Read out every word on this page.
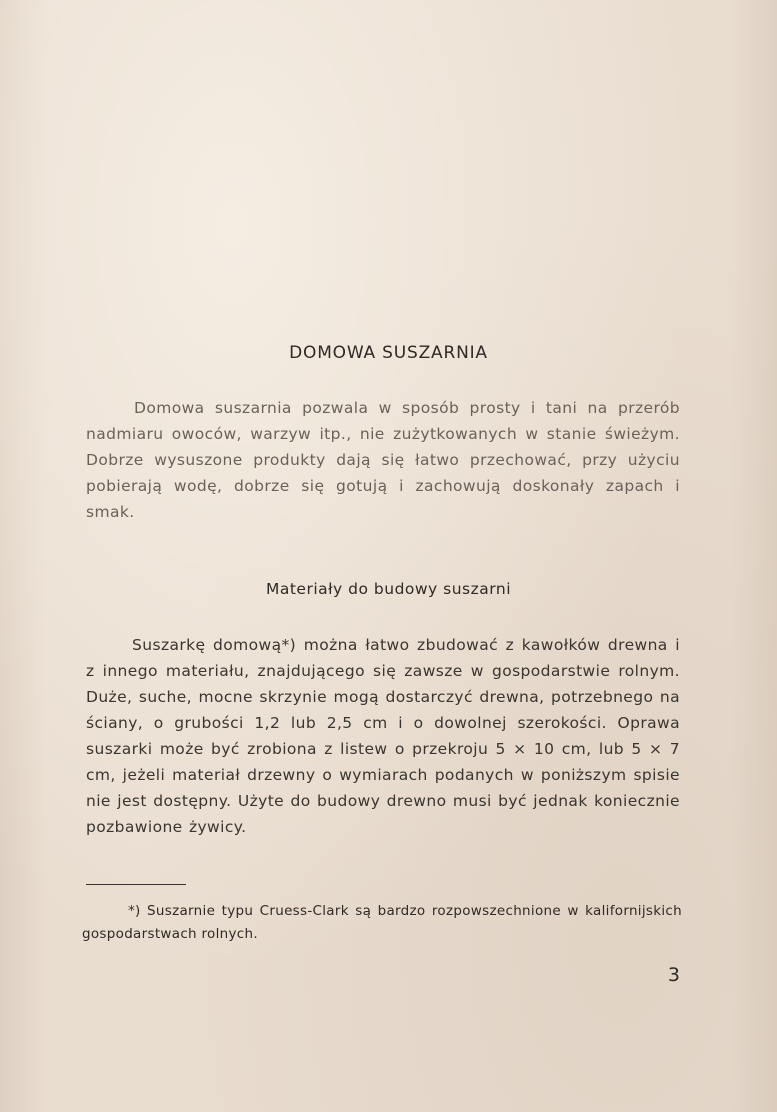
DOMOWA SUSZARNIA

Domowa suszarnia pozwala w sposób prosty i tani na przerób nadmiaru owoców, warzyw itp., nie zużytkowanych w stanie świeżym. Dobrze wysuszone produkty dają się łatwo przechować, przy użyciu pobierają wodę, dobrze się gotują i zachowują doskonały zapach i smak.

Materiały do budowy suszarni

Suszarkę domową*) można łatwo zbudować z kawołków drewna i z innego materiału, znajdującego się zawsze w gospodarstwie rolnym. Duże, suche, mocne skrzynie mogą dostarczyć drewna, potrzebnego na ściany, o grubości 1,2 lub 2,5 cm i o dowolnej szerokości. Oprawa suszarki może być zrobiona z listew o przekroju 5 × 10 cm, lub 5 × 7 cm, jeżeli materiał drzewny o wymiarach podanych w poniższym spisie nie jest dostępny. Użyte do budowy drewno musi być jednak koniecznie pozbawione żywicy.

*) Suszarnie typu Cruess-Clark są bardzo rozpowszechnione w kalifornijskich gospodarstwach rolnych.

3
